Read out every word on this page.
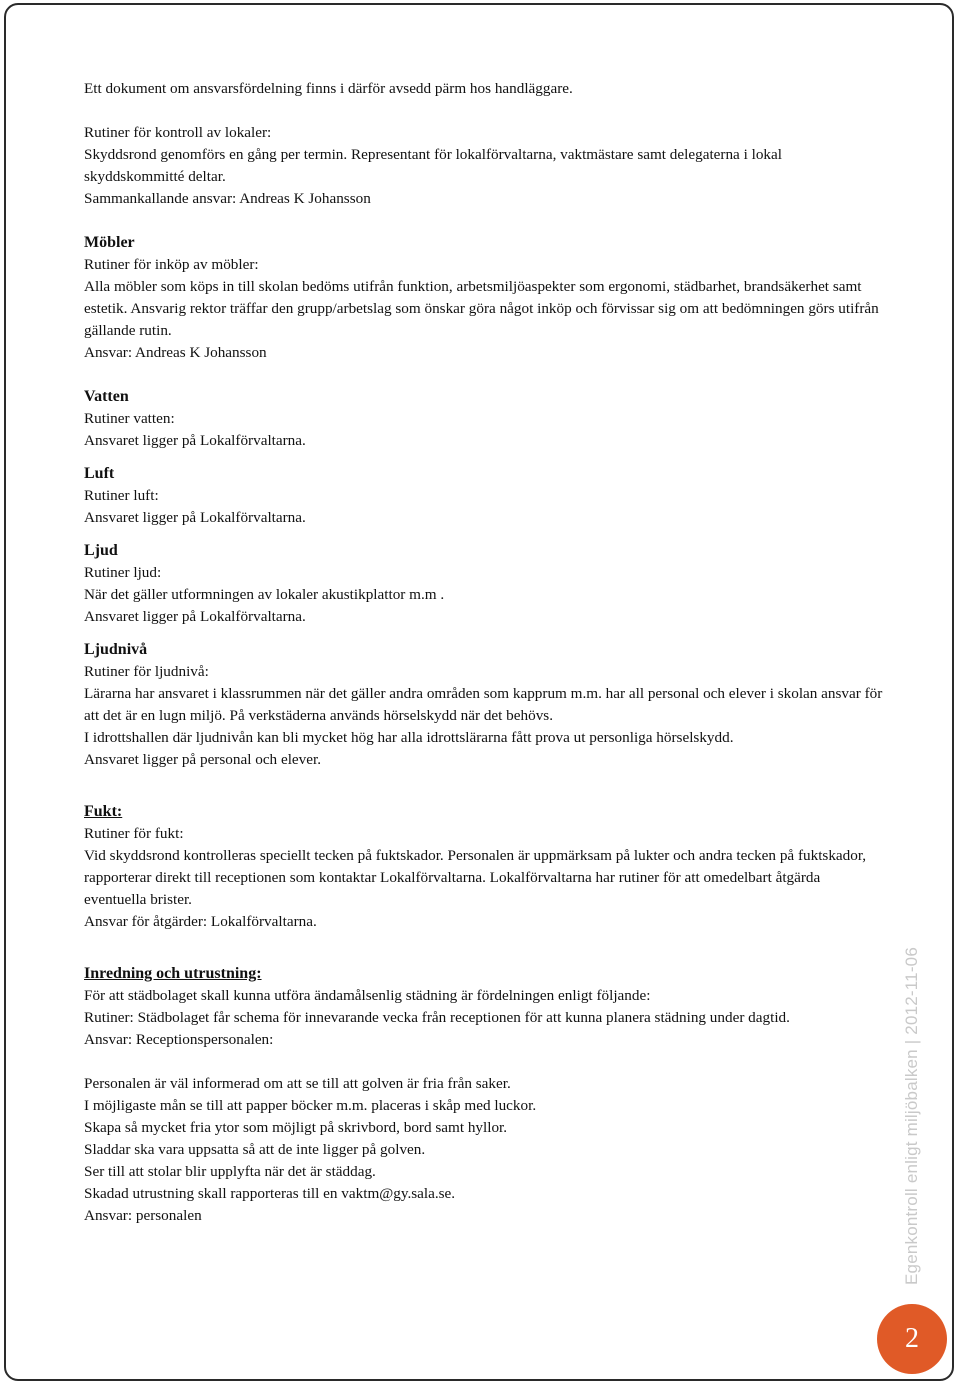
Ett dokument om ansvarsfördelning finns i därför avsedd pärm hos handläggare.

Rutiner för kontroll av lokaler:

Skyddsrond genomförs en gång per termin. Representant för lokalförvaltarna, vaktmästare samt delegaterna i lokal skyddskommitté deltar.

Sammankallande ansvar: Andreas K Johansson

Möbler

Rutiner för inköp av möbler:

Alla möbler som köps in till skolan bedöms utifrån funktion, arbetsmiljöaspekter som ergonomi, städbarhet, brandsäkerhet samt estetik. Ansvarig rektor träffar den grupp/arbetslag som önskar göra något inköp och förvissar sig om att bedömningen görs utifrån gällande rutin.

Ansvar: Andreas K Johansson

Vatten

Rutiner vatten:

Ansvaret ligger på Lokalförvaltarna.

Luft

Rutiner luft:

Ansvaret ligger på Lokalförvaltarna.

Ljud

Rutiner ljud:

När det gäller utformningen av lokaler akustikplattor m.m .

Ansvaret ligger på Lokalförvaltarna.

Ljudnivå

Rutiner för ljudnivå:

Lärarna har ansvaret i klassrummen när det gäller andra områden som kapprum m.m. har all personal och elever i skolan ansvar för att det är en lugn miljö. På verkstäderna används hörselskydd när det behövs.

I idrottshallen där ljudnivån kan bli mycket hög har alla idrottslärarna fått prova ut personliga hörselskydd.

Ansvaret ligger på personal och elever.

Fukt:

Rutiner för fukt:

Vid skyddsrond kontrolleras speciellt tecken på fuktskador. Personalen är uppmärksam på lukter och andra tecken på fuktskador, rapporterar direkt till receptionen som kontaktar Lokalförvaltarna. Lokalförvaltarna har rutiner för att omedelbart åtgärda eventuella brister.

Ansvar för åtgärder: Lokalförvaltarna.

Inredning och utrustning:

För att städbolaget skall kunna utföra ändamålsenlig städning är fördelningen enligt följande:

Rutiner: Städbolaget får schema för innevarande vecka från receptionen för att kunna planera städning under dagtid.

Ansvar: Receptionspersonalen:

Personalen är väl informerad om att se till att golven är fria från saker.

I möjligaste mån se till att papper böcker m.m. placeras i skåp med luckor.

Skapa så mycket fria ytor som möjligt på skrivbord, bord samt hyllor.

Sladdar ska vara uppsatta så att de inte ligger på golven.

Ser till att stolar blir upplyfta när det är städdag.

Skadad utrustning skall rapporteras till en vaktm@gy.sala.se.

Ansvar: personalen	Egenkontroll enligt miljöbalken | 2012-11-06
2
